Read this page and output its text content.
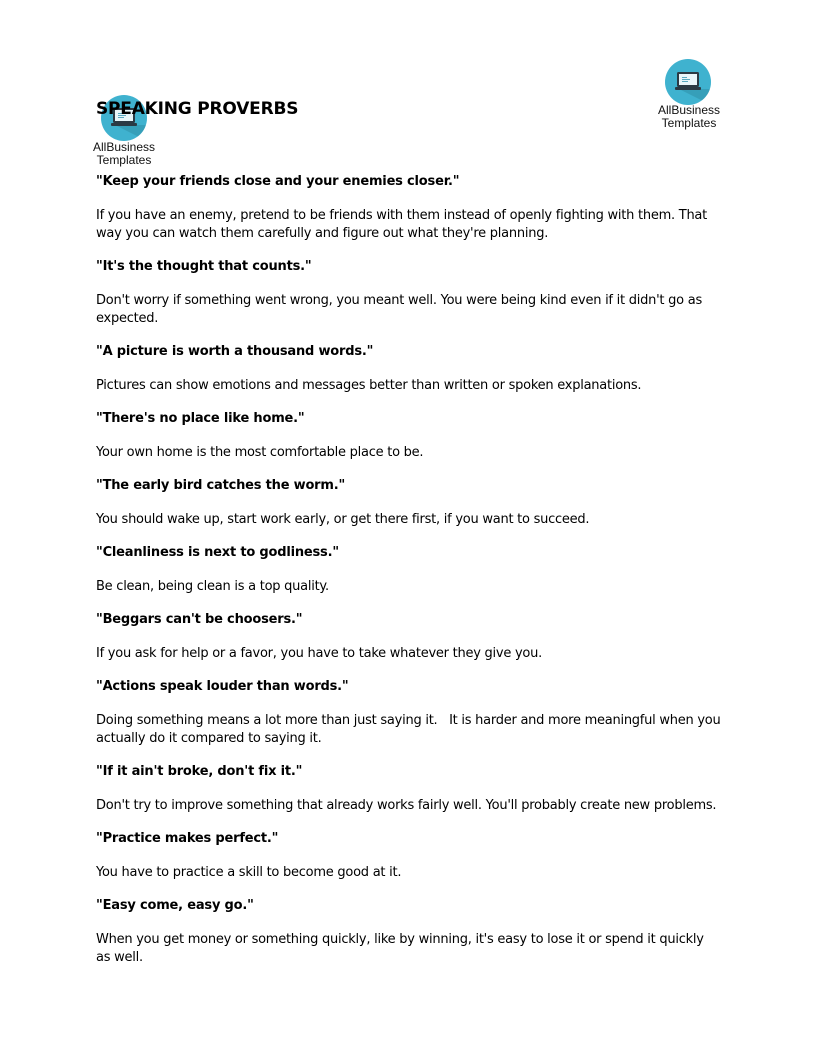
AllBusiness
Templates
AllBusiness
Templates
SPEAKING PROVERBS

"Keep your friends close and your enemies closer."

If you have an enemy, pretend to be friends with them instead of openly fighting with them. That way you can watch them carefully and figure out what they're planning.

"It's the thought that counts."

Don't worry if something went wrong, you meant well. You were being kind even if it didn't go as expected.

"A picture is worth a thousand words."

Pictures can show emotions and messages better than written or spoken explanations.

"There's no place like home."

Your own home is the most comfortable place to be.

"The early bird catches the worm."

You should wake up, start work early, or get there first, if you want to succeed.

"Cleanliness is next to godliness."

Be clean, being clean is a top quality.

"Beggars can't be choosers."

If you ask for help or a favor, you have to take whatever they give you.

"Actions speak louder than words."

Doing something means a lot more than just saying it.   It is harder and more meaningful when you actually do it compared to saying it.

"If it ain't broke, don't fix it."

Don't try to improve something that already works fairly well. You'll probably create new problems.

"Practice makes perfect."

You have to practice a skill to become good at it.

"Easy come, easy go."

When you get money or something quickly, like by winning, it's easy to lose it or spend it quickly as well.
